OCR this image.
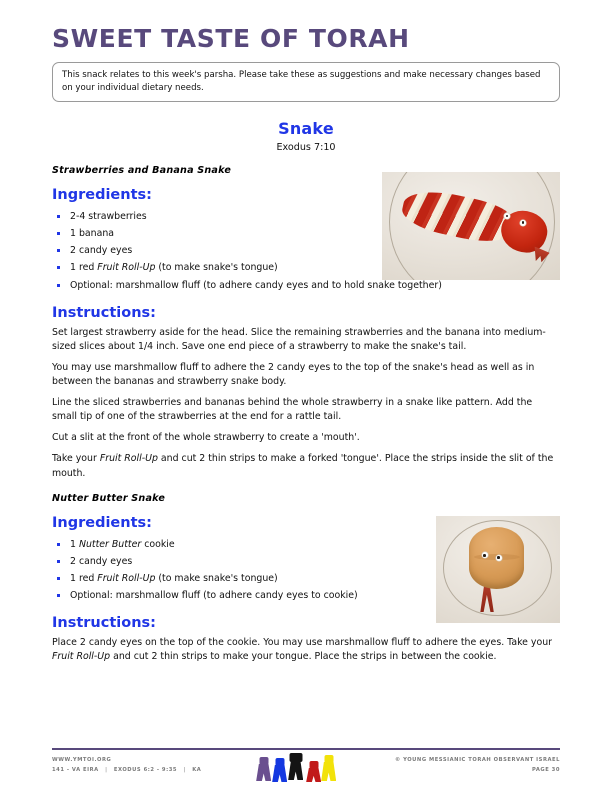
SWEET TASTE OF TORAH
This snack relates to this week's parsha. Please take these as suggestions and make necessary changes based on your individual dietary needs.
Snake
Exodus 7:10
Strawberries and Banana Snake
Ingredients:
2-4 strawberries
1 banana
2 candy eyes
1 red Fruit Roll-Up (to make snake's tongue)
Optional: marshmallow fluff (to adhere candy eyes and to hold snake together)
Instructions:

Set largest strawberry aside for the head. Slice the remaining strawberries and the banana into medium-sized slices about 1/4 inch. Save one end piece of a strawberry to make the snake's tail.

You may use marshmallow fluff to adhere the 2 candy eyes to the top of the snake's head as well as in between the bananas and strawberry snake body.

Line the sliced strawberries and bananas behind the whole strawberry in a snake like pattern. Add the small tip of one of the strawberries at the end for a rattle tail.

Cut a slit at the front of the whole strawberry to create a 'mouth'.

Take your Fruit Roll-Up and cut 2 thin strips to make a forked 'tongue'. Place the strips inside the slit of the mouth.

Nutter Butter Snake
Ingredients:
1 Nutter Butter cookie
2 candy eyes
1 red Fruit Roll-Up (to make snake's tongue)
Optional: marshmallow fluff (to adhere candy eyes to cookie)
Instructions:

Place 2 candy eyes on the top of the cookie. You may use marshmallow fluff to adhere the eyes. Take your Fruit Roll-Up and cut 2 thin strips to make your tongue. Place the strips in between the cookie.

WWW.YMTOI.ORG
141 - VA EIRA | EXODUS 6:2 - 9:35 | KA
© YOUNG MESSIANIC TORAH OBSERVANT ISRAEL
PAGE 30
